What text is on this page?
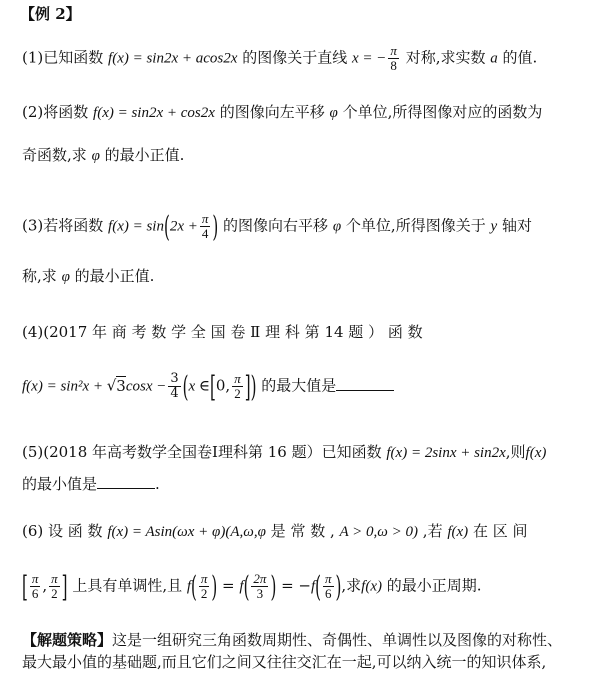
【例 2】
(1)已知函数 f(x) = sin2x + acos2x 的图像关于直线 x = − $\frac{\pi}{8}$ 对称,求实数 a 的值.
(2)将函数 f(x) = sin2x + cos2x 的图像向左平移 φ 个单位,所得图像对应的函数为
奇函数,求 φ 的最小正值.
(3)若将函数 $f(x) = \sin(2x + \frac{\pi}{4}$ ) 的图像向右平移 φ 个单位,所得图像关于 y 轴对
称,求 φ 的最小正值.
(4)(2017 年 商 考 数 学 全 国 卷 Ⅱ 理 科 第 14 题 ） 函 数
$f(x) = \sin^2x + √3\cos x - \frac{3}{4} (x$ ∈[0, $\frac{\pi}{2}$ ]) 的最大值是
(5)(2018 年高考数学全国卷Ⅰ理科第 16 题）已知函数 f(x) = 2sinx + sin2x,则f(x)
的最小值是	.
(6) 设 函 数 f(x) = Asin(ωx + φ)(A,ω,φ 是 常 数 , A > 0,ω > 0) ,若 f(x) 在 区 间
[ $\frac{\pi}{6}$ , $\frac{\pi}{2}$ ] 上具有单调性,且 $f( \frac{\pi}{2}$ ) = $f( \frac{2\pi}{3}$ ) = $-f( \frac{\pi}{6}$ ),求f(x) 的最小正周期.
【解题策略】这是一组研究三角函数周期性、奇偶性、单调性以及图像的对称性、
最大最小值的基础题,而且它们之间又往往交汇在一起,可以纳入统一的知识体系,
